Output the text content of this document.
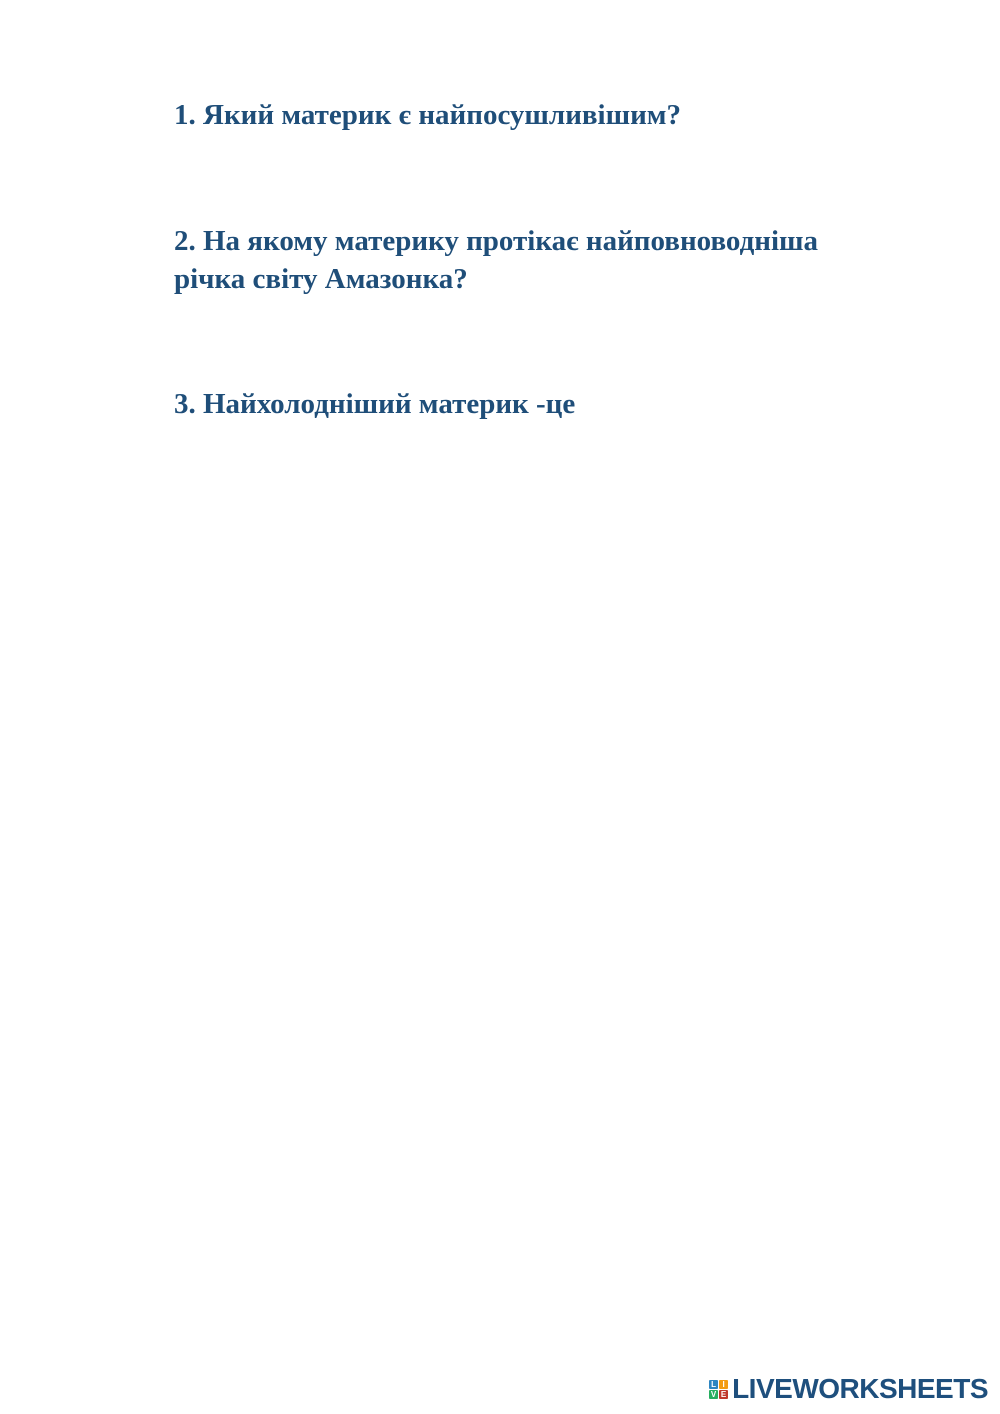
1. Який материк є найпосушливішим?

2. На якому материку протікає найповноводніша
річка світу Амазонка?

3. Найхолодніший материк -це

L I
V E LIVEWORKSHEETS
